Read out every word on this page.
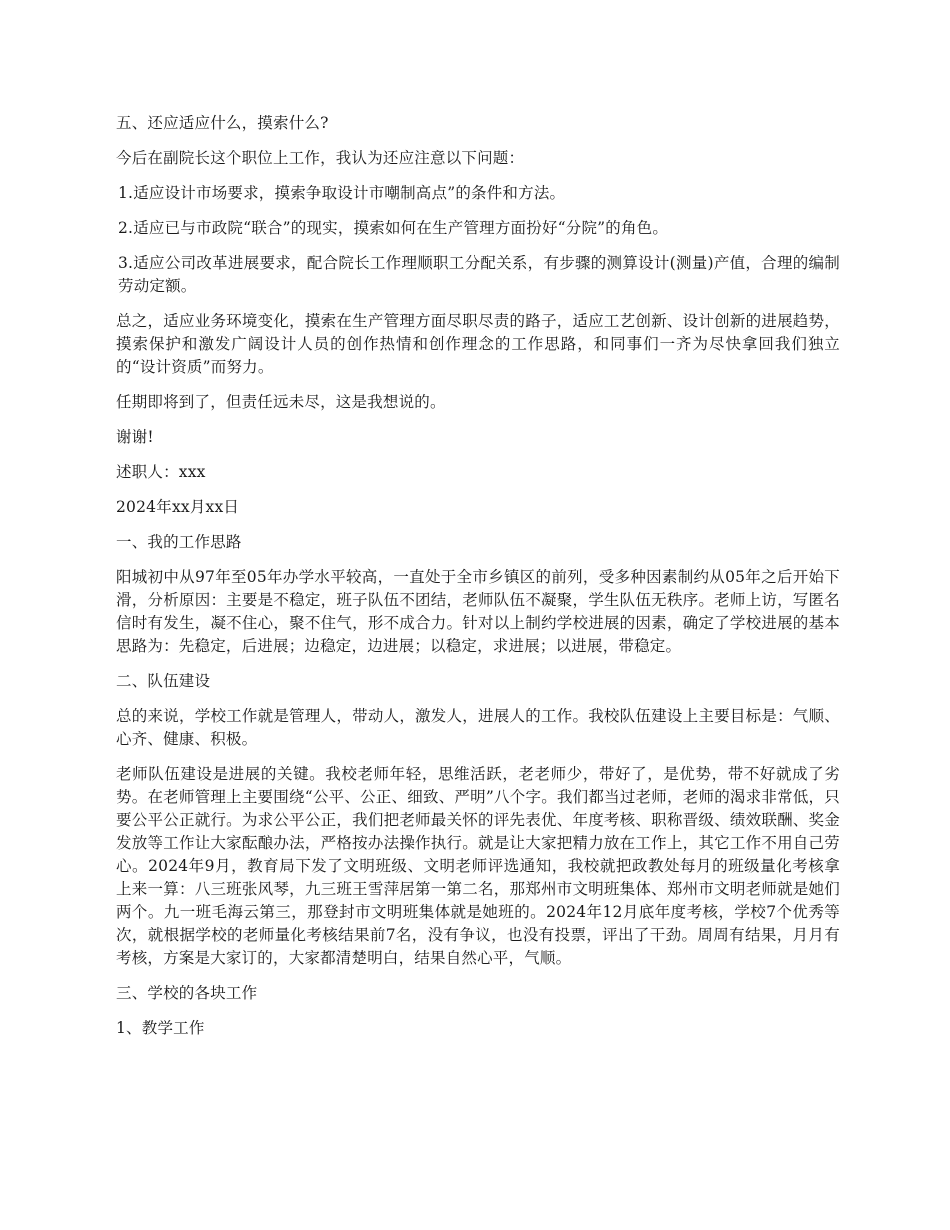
五、还应适应什么，摸索什么?

今后在副院长这个职位上工作，我认为还应注意以下问题：

1.适应设计市场要求，摸索争取设计市嘲制高点”的条件和方法。

2.适应已与市政院“联合”的现实，摸索如何在生产管理方面扮好“分院”的角色。

3.适应公司改革进展要求，配合院长工作理顺职工分配关系，有步骤的测算设计(测量)产值，合理的编制劳动定额。

总之，适应业务环境变化，摸索在生产管理方面尽职尽责的路子，适应工艺创新、设计创新的进展趋势，摸索保护和激发广阔设计人员的创作热情和创作理念的工作思路，和同事们一齐为尽快拿回我们独立的“设计资质”而努力。

任期即将到了，但责任远未尽，这是我想说的。

谢谢!

述职人：xxx

2024年xx月xx日

一、我的工作思路

阳城初中从97年至05年办学水平较高，一直处于全市乡镇区的前列，受多种因素制约从05年之后开始下滑，分析原因：主要是不稳定，班子队伍不团结，老师队伍不凝聚，学生队伍无秩序。老师上访，写匿名信时有发生，凝不住心，聚不住气，形不成合力。针对以上制约学校进展的因素，确定了学校进展的基本思路为：先稳定，后进展；边稳定，边进展；以稳定，求进展；以进展，带稳定。

二、队伍建设

总的来说，学校工作就是管理人，带动人，激发人，进展人的工作。我校队伍建设上主要目标是：气顺、心齐、健康、积极。

老师队伍建设是进展的关键。我校老师年轻，思维活跃，老老师少，带好了，是优势，带不好就成了劣势。在老师管理上主要围绕“公平、公正、细致、严明”八个字。我们都当过老师，老师的渴求非常低，只要公平公正就行。为求公平公正，我们把老师最关怀的评先表优、年度考核、职称晋级、绩效联酬、奖金发放等工作让大家酝酿办法，严格按办法操作执行。就是让大家把精力放在工作上，其它工作不用自己劳心。2024年9月，教育局下发了文明班级、文明老师评选通知，我校就把政教处每月的班级量化考核拿上来一算：八三班张风琴，九三班王雪萍居第一第二名，那郑州市文明班集体、郑州市文明老师就是她们两个。九一班毛海云第三，那登封市文明班集体就是她班的。2024年12月底年度考核，学校7个优秀等次，就根据学校的老师量化考核结果前7名，没有争议，也没有投票，评出了干劲。周周有结果，月月有考核，方案是大家订的，大家都清楚明白，结果自然心平，气顺。

三、学校的各块工作

1、教学工作
